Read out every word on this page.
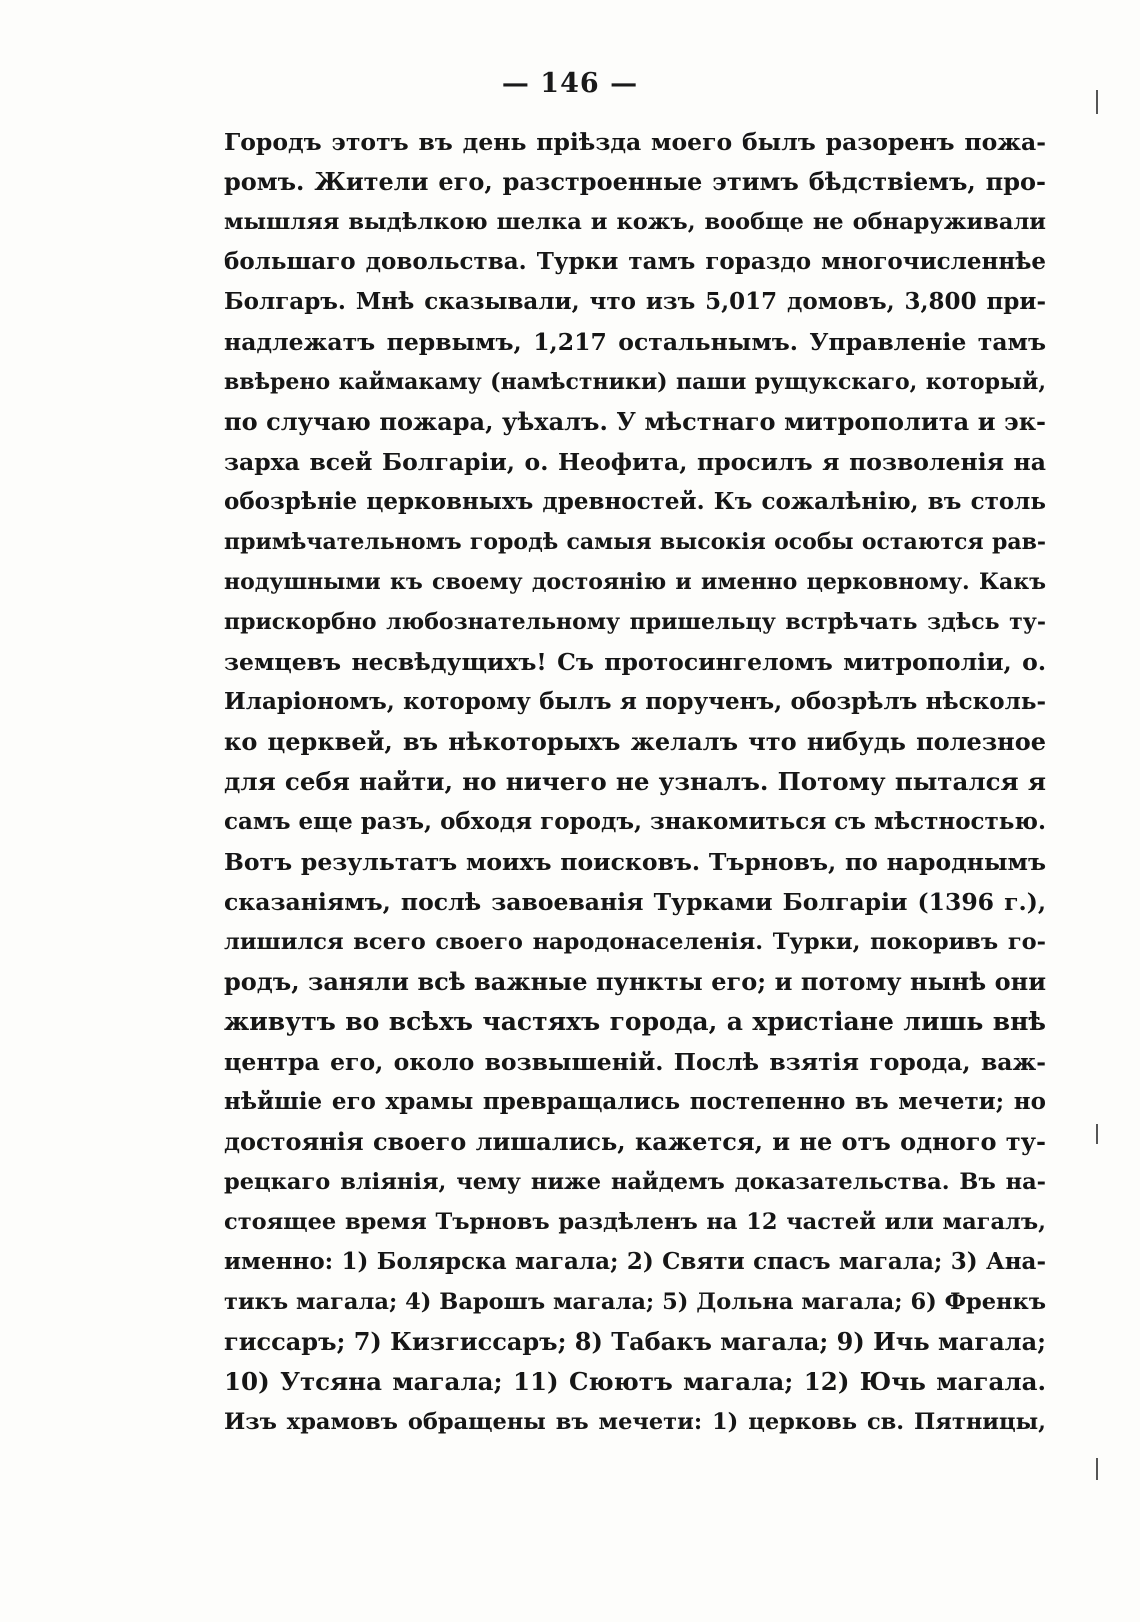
— 146 —
Городъ этотъ въ день пріѣзда моего былъ разоренъ пожа-
ромъ. Жители его, разстроенные этимъ бѣдствіемъ, про-
мышляя выдѣлкою шелка и кожъ, вообще не обнаруживали
большаго довольства. Турки тамъ гораздо многочисленнѣе
Болгаръ. Мнѣ сказывали, что изъ 5,017 домовъ, 3,800 при-
надлежатъ первымъ, 1,217 остальнымъ. Управленіе тамъ
ввѣрено каймакаму (намѣстники) паши рущукскаго, который,
по случаю пожара, уѣхалъ. У мѣстнаго митрополита и эк-
зарха всей Болгаріи, о. Неофита, просилъ я позволенія на
обозрѣніе церковныхъ древностей. Къ сожалѣнію, въ столь
примѣчательномъ городѣ самыя высокія особы остаются рав-
нодушными къ своему достоянію и именно церковному. Какъ
прискорбно любознательному пришельцу встрѣчать здѣсь ту-
земцевъ несвѣдущихъ! Съ протосингеломъ митрополіи, о.
Иларіономъ, которому былъ я порученъ, обозрѣлъ нѣсколь-
ко церквей, въ нѣкоторыхъ желалъ что нибудь полезное
для себя найти, но ничего не узналъ. Потому пытался я
самъ еще разъ, обходя городъ, знакомиться съ мѣстностью.
Вотъ результатъ моихъ поисковъ. Търновъ, по народнымъ
сказаніямъ, послѣ завоеванія Турками Болгаріи (1396 г.),
лишился всего своего народонаселенія. Турки, покоривъ го-
родъ, заняли всѣ важные пункты его; и потому нынѣ они
живутъ во всѣхъ частяхъ города, а христіане лишь внѣ
центра его, около возвышеній. Послѣ взятія города, важ-
нѣйшіе его храмы превращались постепенно въ мечети; но
достоянія своего лишались, кажется, и не отъ одного ту-
рецкаго вліянія, чему ниже найдемъ доказательства. Въ на-
стоящее время Търновъ раздѣленъ на 12 частей или магалъ,
именно: 1) Болярска магала; 2) Святи спасъ магала; 3) Ана-
тикъ магала; 4) Варошъ магала; 5) Дольна магала; 6) Френкъ
гиссаръ; 7) Кизгиссаръ; 8) Табакъ магала; 9) Ичь магала;
10) Утсяна магала; 11) Сюютъ магала; 12) Ючь магала.
Изъ храмовъ обращены въ мечети: 1) церковь св. Пятницы,
